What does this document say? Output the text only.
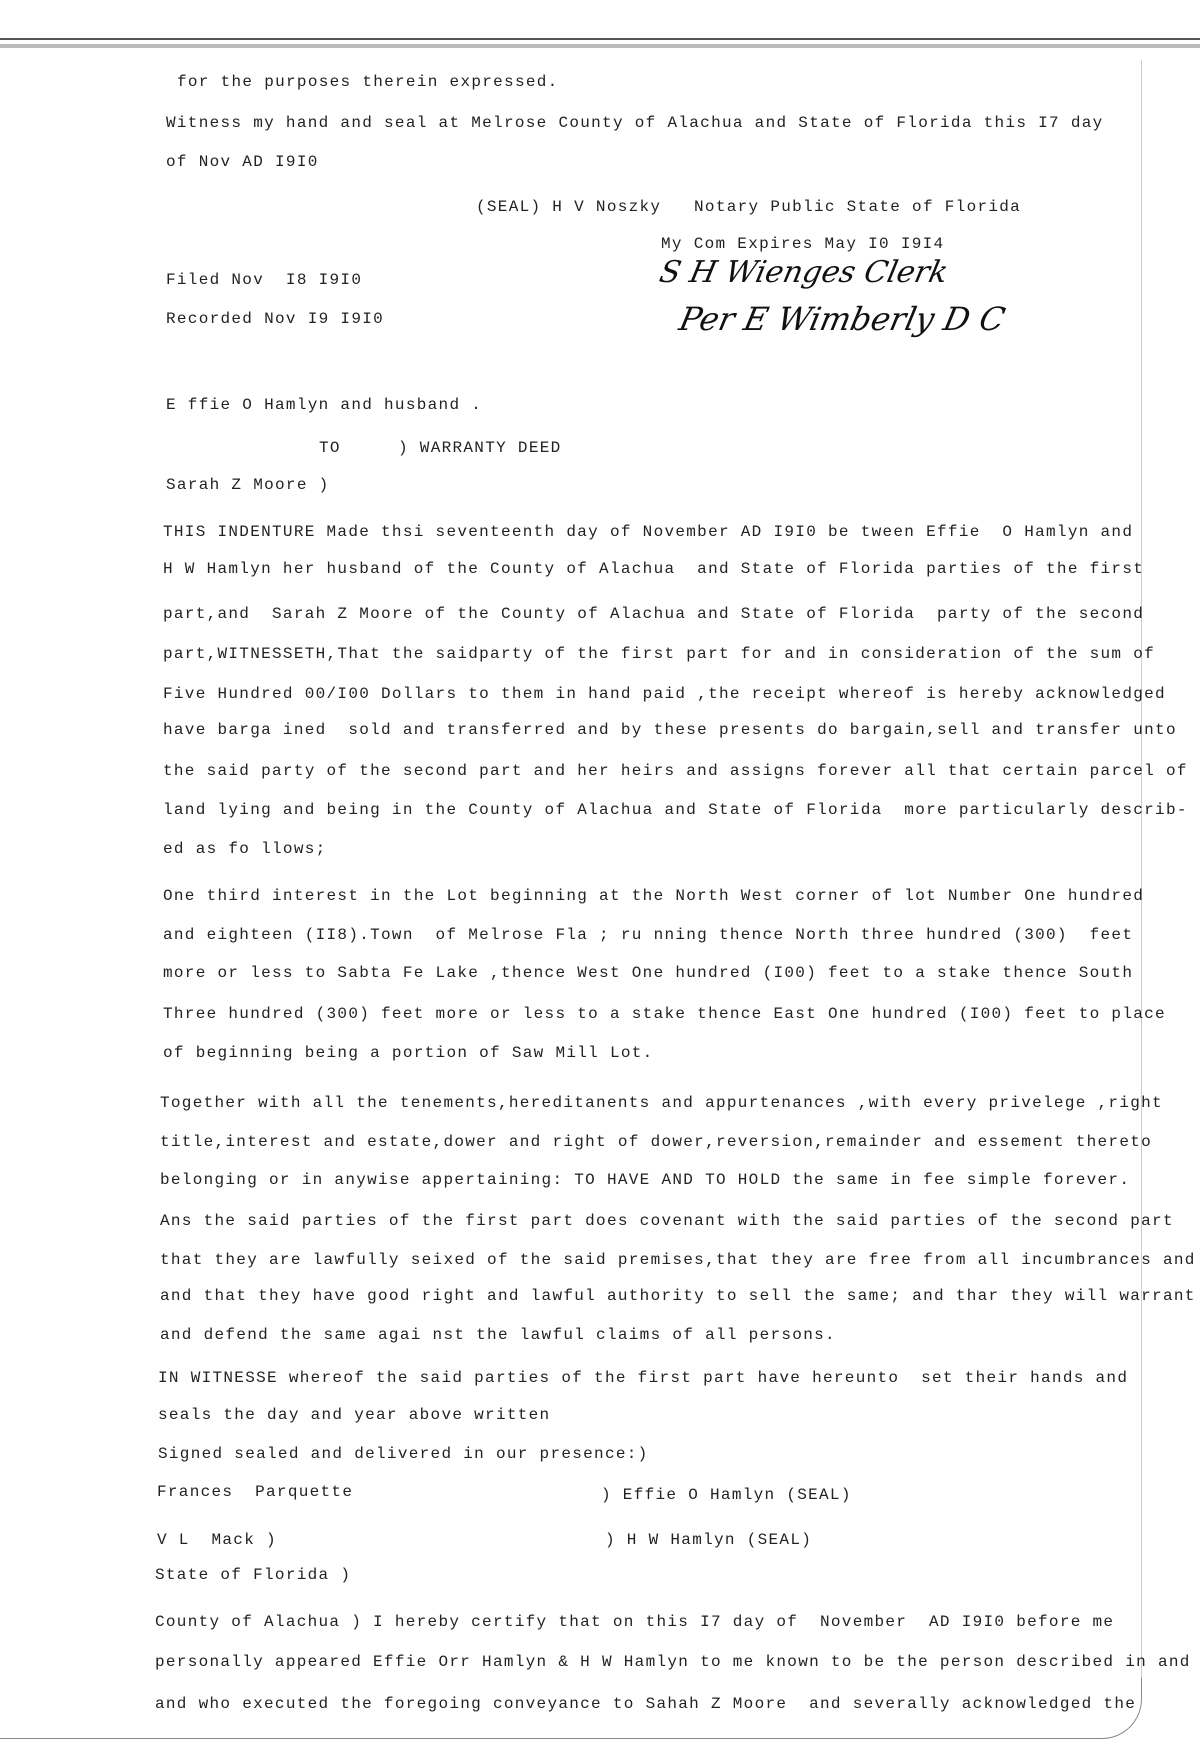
for the purposes therein expressed.
Witness my hand and seal at Melrose County of Alachua and State of Florida this I7 day
of Nov AD I9I0
(SEAL) H V Noszky   Notary Public State of Florida
My Com Expires May I0 I9I4
Filed Nov  I8 I9I0
Recorded Nov I9 I9I0
S H Wienges Clerk
Per E Wimberly D C
E ffie O Hamlyn and husband .
TO	) WARRANTY DEED
Sarah Z Moore )
THIS INDENTURE Made thsi seventeenth day of November AD I9I0 be tween Effie  O Hamlyn and
H W Hamlyn her husband of the County of Alachua  and State of Florida parties of the first
part,and  Sarah Z Moore of the County of Alachua and State of Florida  party of the second
part,WITNESSETH,That the saidparty of the first part for and in consideration of the sum of
Five Hundred 00/I00 Dollars to them in hand paid ,the receipt whereof is hereby acknowledged
have barga ined  sold and transferred and by these presents do bargain,sell and transfer unto
the said party of the second part and her heirs and assigns forever all that certain parcel of
land lying and being in the County of Alachua and State of Florida  more particularly describ-
ed as fo llows;
One third interest in the Lot beginning at the North West corner of lot Number One hundred
and eighteen (II8).Town  of Melrose Fla ; ru nning thence North three hundred (300)  feet
more or less to Sabta Fe Lake ,thence West One hundred (I00) feet to a stake thence South
Three hundred (300) feet more or less to a stake thence East One hundred (I00) feet to place
of beginning being a portion of Saw Mill Lot.
Together with all the tenements,hereditanents and appurtenances ,with every privelege ,right
title,interest and estate,dower and right of dower,reversion,remainder and essement thereto
belonging or in anywise appertaining: TO HAVE AND TO HOLD the same in fee simple forever.
Ans the said parties of the first part does covenant with the said parties of the second part
that they are lawfully seixed of the said premises,that they are free from all incumbrances and
and that they have good right and lawful authority to sell the same; and thar they will warrant
and defend the same agai nst the lawful claims of all persons.
IN WITNESSE whereof the said parties of the first part have hereunto  set their hands and
seals the day and year above written
Signed sealed and delivered in our presence:)
Frances  Parquette	) Effie O Hamlyn (SEAL)
V L  Mack )	) H W Hamlyn (SEAL)
State of Florida )
County of Alachua ) I hereby certify that on this I7 day of  November  AD I9I0 before me
personally appeared Effie Orr Hamlyn & H W Hamlyn to me known to be the person described in and
and who executed the foregoing conveyance to Sahah Z Moore  and severally acknowledged the
